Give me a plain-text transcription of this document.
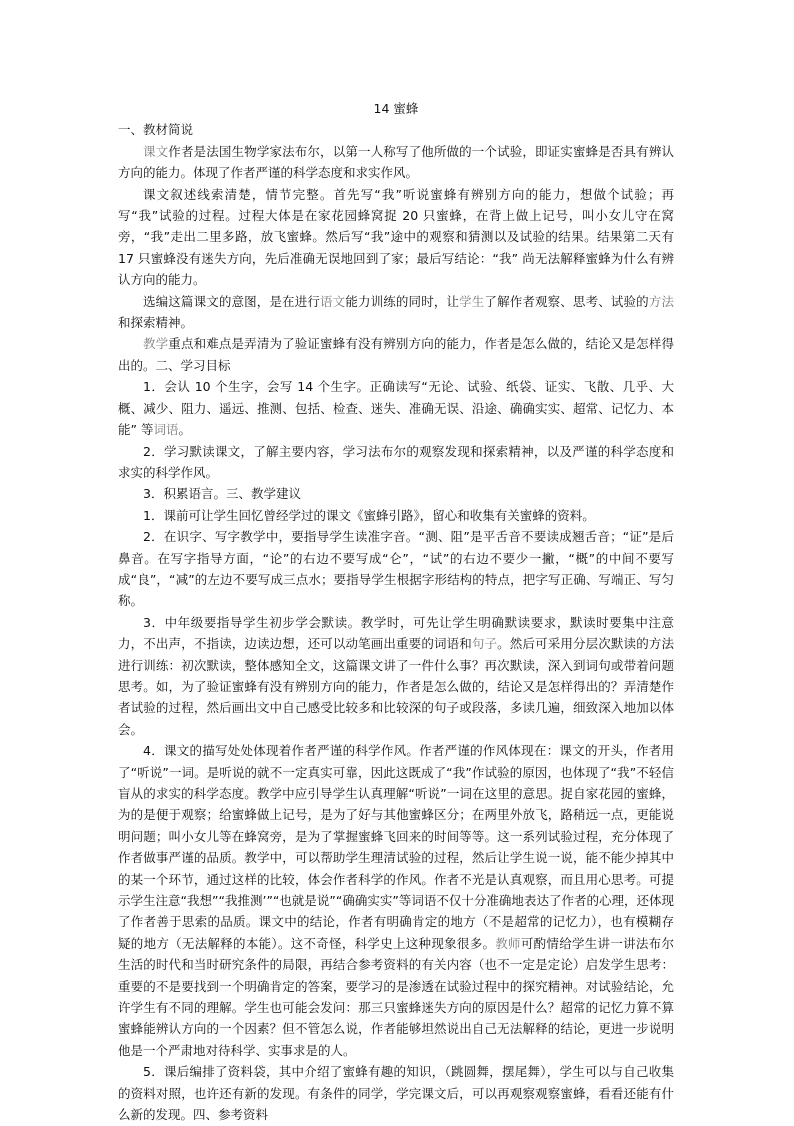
14 蜜蜂
一、教材简说

课文作者是法国生物学家法布尔，以第一人称写了他所做的一个试验，即证实蜜蜂是否具有辨认方向的能力。体现了作者严谨的科学态度和求实作风。

课文叙述线索清楚，情节完整。首先写“我”听说蜜蜂有辨别方向的能力，想做个试验；再写“我”试验的过程。过程大体是在家花园蜂窝捉 20 只蜜蜂，在背上做上记号，叫小女儿守在窝旁，“我”走出二里多路，放飞蜜蜂。然后写“我”途中的观察和猜测以及试验的结果。结果第二天有 17 只蜜蜂没有迷失方向，先后准确无误地回到了家；最后写结论：“我” 尚无法解释蜜蜂为什么有辨认方向的能力。

选编这篇课文的意图，是在进行语文能力训练的同时，让学生了解作者观察、思考、试验的方法和探索精神。

教学重点和难点是弄清为了验证蜜蜂有没有辨别方向的能力，作者是怎么做的，结论又是怎样得出的。二、学习目标

1．会认 10 个生字，会写 14 个生字。正确读写“无论、试验、纸袋、证实、飞散、几乎、大概、减少、阻力、遥远、推测、包括、检查、迷失、准确无误、沿途、确确实实、超常、记忆力、本能” 等词语。

2．学习默读课文，了解主要内容，学习法布尔的观察发现和探索精神，以及严谨的科学态度和求实的科学作风。

3．积累语言。三、教学建议

1．课前可让学生回忆曾经学过的课文《蜜蜂引路》，留心和收集有关蜜蜂的资料。

2．在识字、写字教学中，要指导学生读准字音。“测、阻”是平舌音不要读成翘舌音；“证”是后鼻音。在写字指导方面，“论”的右边不要写成“仑”，“试”的右边不要少一撇，“概”的中间不要写成“良”，“减”的左边不要写成三点水；要指导学生根据字形结构的特点，把字写正确、写端正、写匀称。

3．中年级要指导学生初步学会默读。教学时，可先让学生明确默读要求，默读时要集中注意力，不出声，不指读，边读边想，还可以动笔画出重要的词语和句子。然后可采用分层次默读的方法进行训练：初次默读，整体感知全文，这篇课文讲了一件什么事？再次默读，深入到词句或带着问题思考。如，为了验证蜜蜂有没有辨别方向的能力，作者是怎么做的，结论又是怎样得出的？弄清楚作者试验的过程，然后画出文中自己感受比较多和比较深的句子或段落，多读几遍，细致深入地加以体会。

4．课文的描写处处体现着作者严谨的科学作风。作者严谨的作风体现在：课文的开头，作者用了“听说”一词。是听说的就不一定真实可靠，因此这既成了“我”作试验的原因，也体现了“我”不轻信盲从的求实的科学态度。教学中应引导学生认真理解“听说”一词在这里的意思。捉自家花园的蜜蜂，为的是便于观察；给蜜蜂做上记号，是为了好与其他蜜蜂区分；在两里外放飞，路稍远一点，更能说明问题；叫小女儿等在蜂窝旁，是为了掌握蜜蜂飞回来的时间等等。这一系列试验过程，充分体现了作者做事严谨的品质。教学中，可以帮助学生理清试验的过程，然后让学生说一说，能不能少掉其中的某一个环节，通过这样的比较，体会作者科学的作风。作者不光是认真观察，而且用心思考。可提示学生注意“我想”“我推测’”“也就是说”“确确实实”等词语不仅十分准确地表达了作者的心理，还体现了作者善于思索的品质。课文中的结论，作者有明确肯定的地方（不是超常的记忆力），也有模糊存疑的地方（无法解释的本能）。这不奇怪，科学史上这种现象很多。教师可酌情给学生讲一讲法布尔生活的时代和当时研究条件的局限，再结合参考资料的有关内容（也不一定是定论）启发学生思考：重要的不是要找到一个明确肯定的答案，要学习的是渗透在试验过程中的探究精神。对试验结论，允许学生有不同的理解。学生也可能会发问：那三只蜜蜂迷失方向的原因是什么？超常的记忆力算不算蜜蜂能辨认方向的一个因素？但不管怎么说，作者能够坦然说出自己无法解释的结论，更进一步说明他是一个严肃地对待科学、实事求是的人。

5．课后编排了资料袋，其中介绍了蜜蜂有趣的知识，（跳圆舞，摆尾舞），学生可以与自己收集的资料对照，也许还有新的发现。有条件的同学，学完课文后，可以再观察观察蜜蜂，看看还能有什么新的发现。四、参考资料
